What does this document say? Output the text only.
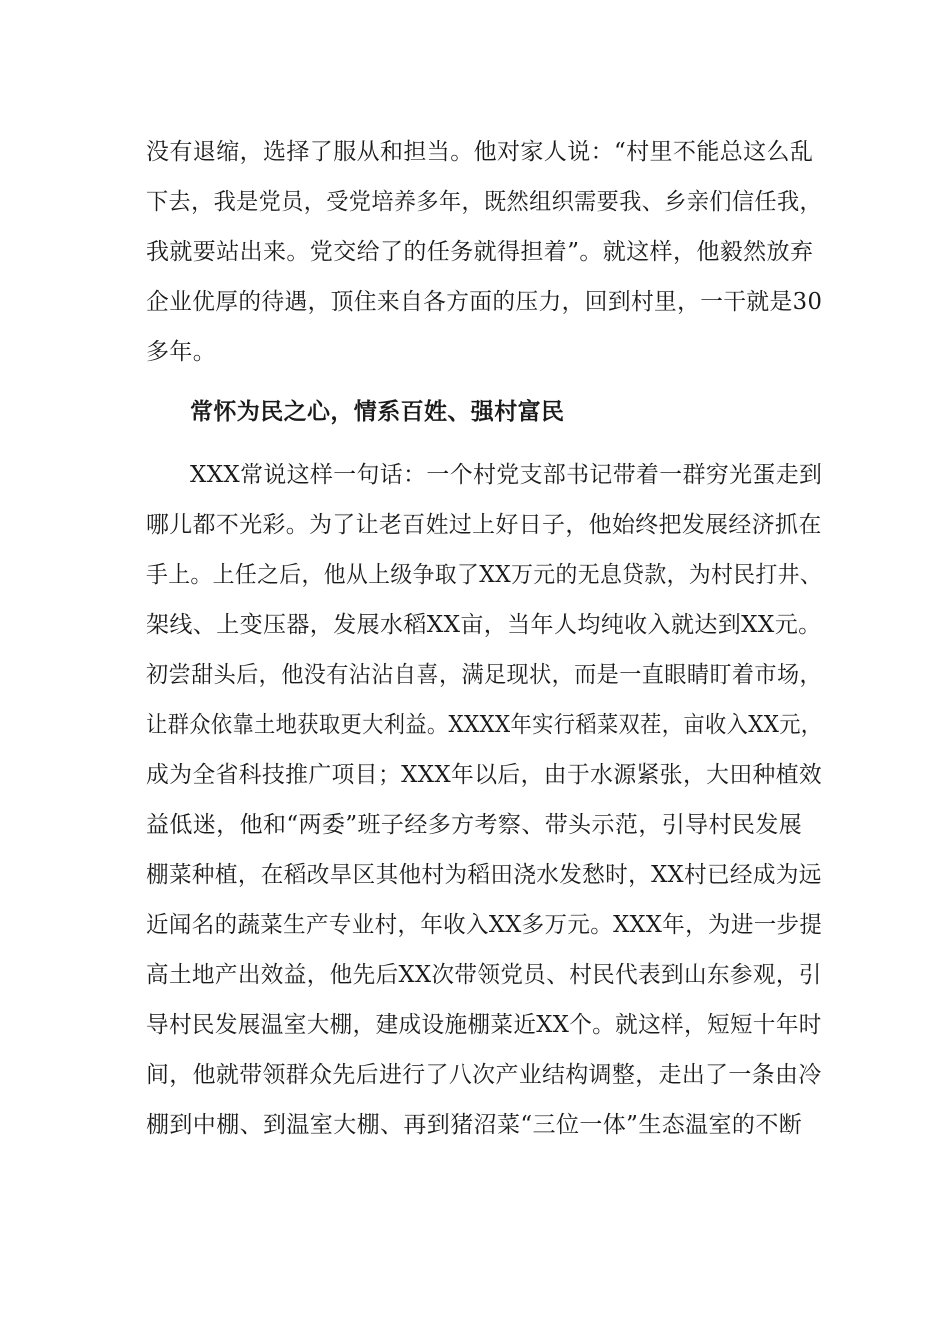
没有退缩，选择了服从和担当。他对家人说：“村里不能总这么乱
下去，我是党员，受党培养多年，既然组织需要我、乡亲们信任我，
我就要站出来。党交给了的任务就得担着”。就这样，他毅然放弃
企业优厚的待遇，顶住来自各方面的压力，回到村里，一干就是30
多年。
常怀为民之心，情系百姓、强村富民
XXX常说这样一句话：一个村党支部书记带着一群穷光蛋走到
哪儿都不光彩。为了让老百姓过上好日子，他始终把发展经济抓在
手上。上任之后，他从上级争取了XX万元的无息贷款，为村民打井、
架线、上变压器，发展水稻XX亩，当年人均纯收入就达到XX元。
初尝甜头后，他没有沾沾自喜，满足现状，而是一直眼睛盯着市场，
让群众依靠土地获取更大利益。XXXX年实行稻菜双茬，亩收入XX元，
成为全省科技推广项目；XXX年以后，由于水源紧张，大田种植效
益低迷，他和“两委”班子经多方考察、带头示范，引导村民发展
棚菜种植，在稻改旱区其他村为稻田浇水发愁时，XX村已经成为远
近闻名的蔬菜生产专业村，年收入XX多万元。XXX年，为进一步提
高土地产出效益，他先后XX次带领党员、村民代表到山东参观，引
导村民发展温室大棚，建成设施棚菜近XX个。就这样，短短十年时
间，他就带领群众先后进行了八次产业结构调整，走出了一条由冷
棚到中棚、到温室大棚、再到猪沼菜“三位一体”生态温室的不断
